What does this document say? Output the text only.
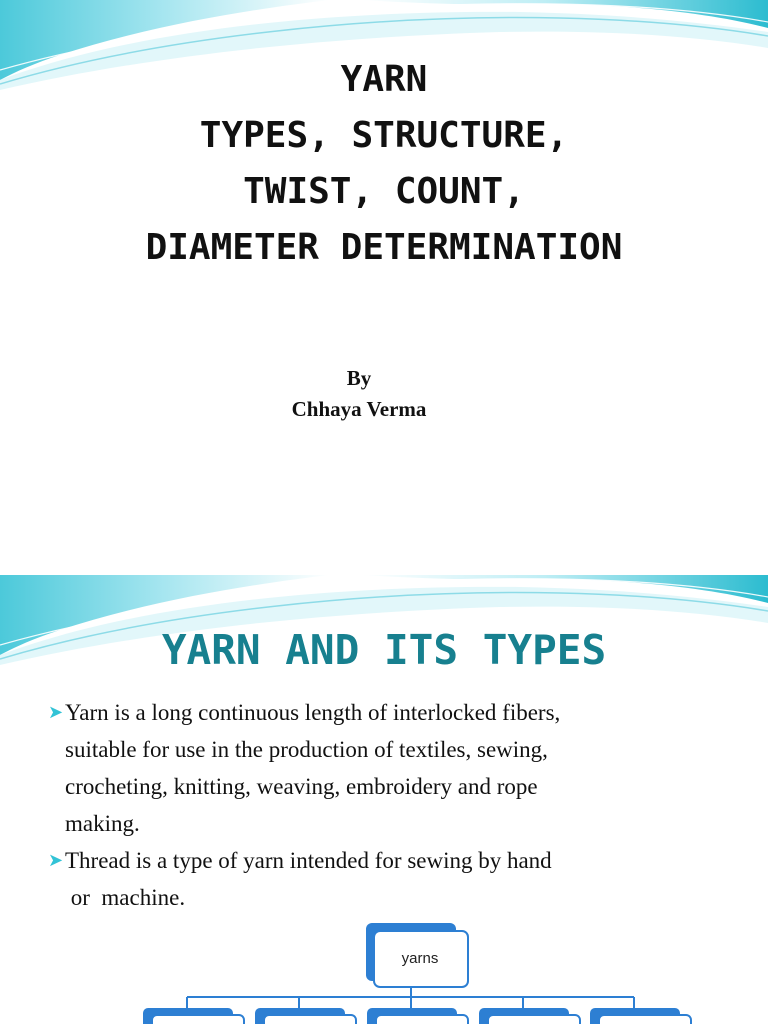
YARN
TYPES, STRUCTURE,
TWIST, COUNT,
DIAMETER DETERMINATION
By
Chhaya Verma
YARN AND ITS TYPES
➤ Yarn is a long continuous length of interlocked fibers,
suitable for use in the production of textiles, sewing,
crocheting, knitting, weaving, embroidery and rope
making.
➤ Thread is a type of yarn intended for sewing by hand
or  machine.
yarns
